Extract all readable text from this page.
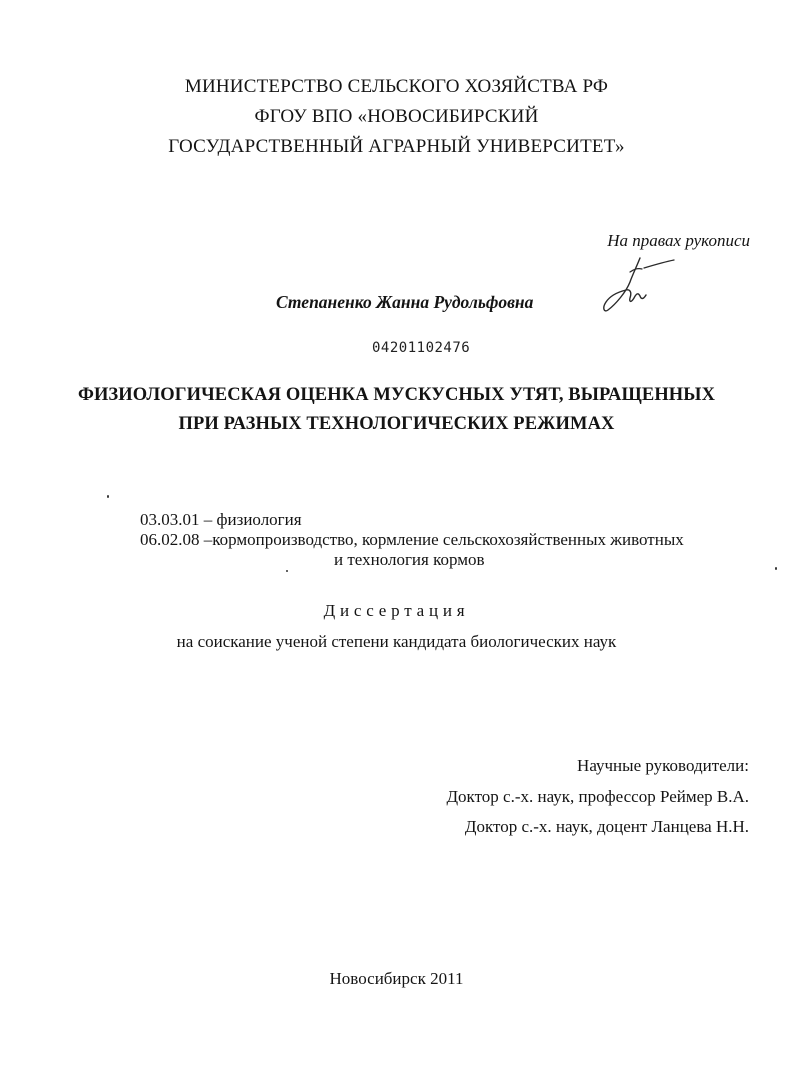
МИНИСТЕРСТВО СЕЛЬСКОГО ХОЗЯЙСТВА РФ
ФГОУ ВПО «НОВОСИБИРСКИЙ
ГОСУДАРСТВЕННЫЙ АГРАРНЫЙ УНИВЕРСИТЕТ»
На правах рукописи
Степаненко Жанна Рудольфовна
04201102476
ФИЗИОЛОГИЧЕСКАЯ ОЦЕНКА МУСКУСНЫХ УТЯТ, ВЫРАЩЕННЫХ
ПРИ РАЗНЫХ ТЕХНОЛОГИЧЕСКИХ РЕЖИМАХ
03.03.01 – физиология
06.02.08 –кормопроизводство, кормление сельскохозяйственных животных
и технология кормов
Диссертация
на соискание ученой степени кандидата биологических наук
Научные руководители:
Доктор с.-х. наук, профессор Реймер В.А.
Доктор с.-х. наук, доцент Ланцева Н.Н.
Новосибирск 2011
